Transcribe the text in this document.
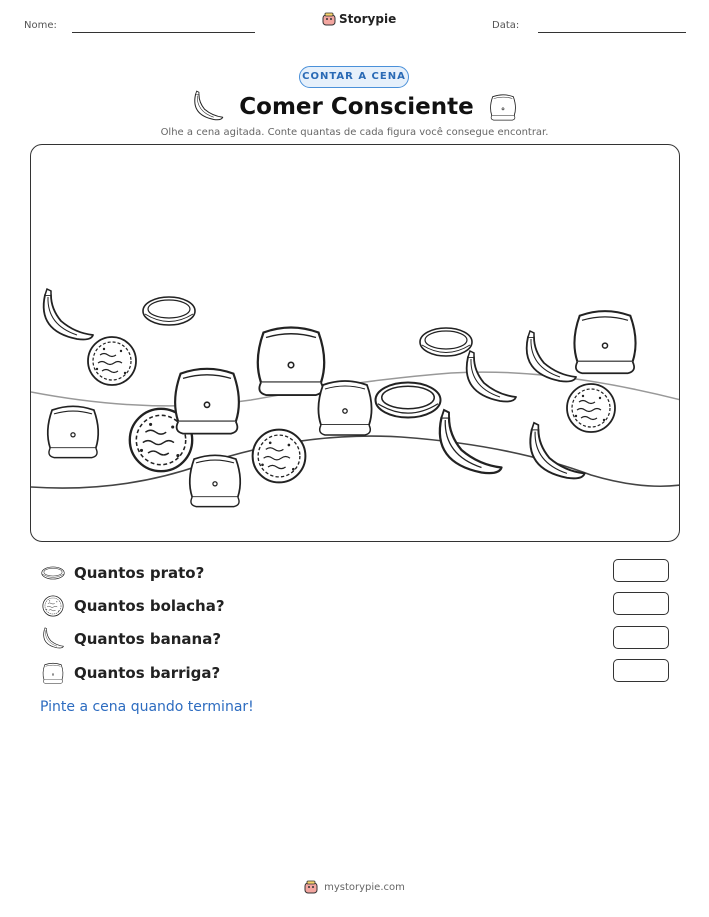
Nome:	Storypie	Data:
CONTAR A CENA
Comer Consciente
Olhe a cena agitada. Conte quantas de cada figura você consegue encontrar.
Quantos prato?
Quantos bolacha?
Quantos banana?
Quantos barriga?
Pinte a cena quando terminar!
mystorypie.com
